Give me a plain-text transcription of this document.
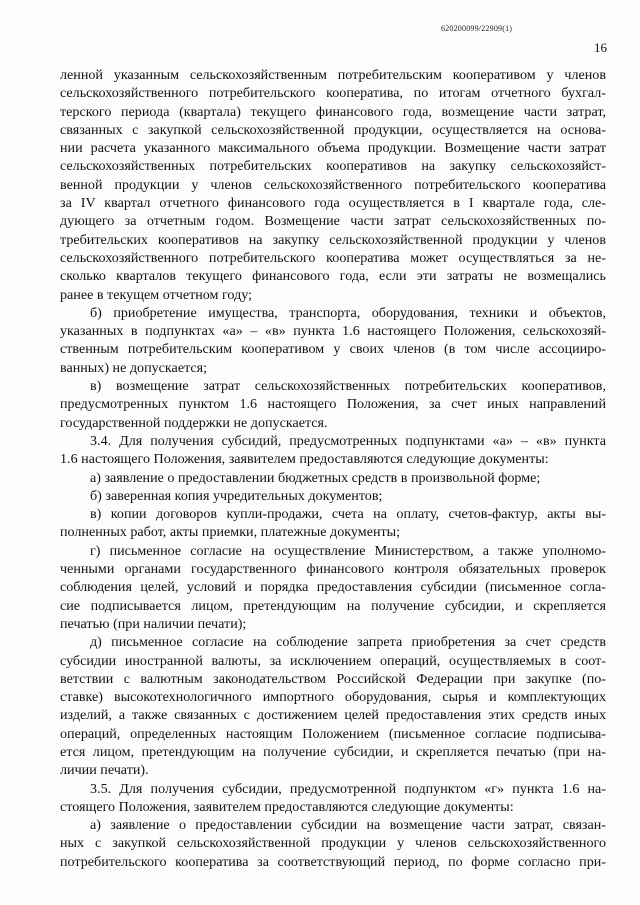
620200099/22909(1)
16
ленной указанным сельскохозяйственным потребительским кооперативом у членов
сельскохозяйственного потребительского кооператива, по итогам отчетного бухгал-
терского периода (квартала) текущего финансового года, возмещение части затрат,
связанных с закупкой сельскохозяйственной продукции, осуществляется на основа-
нии расчета указанного максимального объема продукции. Возмещение части затрат
сельскохозяйственных потребительских кооперативов на закупку сельскохозяйст-
венной продукции у членов сельскохозяйственного потребительского кооператива
за IV квартал отчетного финансового года осуществляется в I квартале года, сле-
дующего за отчетным годом. Возмещение части затрат сельскохозяйственных по-
требительских кооперативов на закупку сельскохозяйственной продукции у членов
сельскохозяйственного потребительского кооператива может осуществляться за не-
сколько кварталов текущего финансового года, если эти затраты не возмещались
ранее в текущем отчетном году;
б) приобретение имущества, транспорта, оборудования, техники и объектов,
указанных в подпунктах «а» – «в» пункта 1.6 настоящего Положения, сельскохозяй-
ственным потребительским кооперативом у своих членов (в том числе ассоцииро-
ванных) не допускается;
в) возмещение затрат сельскохозяйственных потребительских кооперативов,
предусмотренных пунктом 1.6 настоящего Положения, за счет иных направлений
государственной поддержки не допускается.
3.4. Для получения субсидий, предусмотренных подпунктами «а» – «в» пункта
1.6 настоящего Положения, заявителем предоставляются следующие документы:
а) заявление о предоставлении бюджетных средств в произвольной форме;
б) заверенная копия учредительных документов;
в) копии договоров купли-продажи, счета на оплату, счетов-фактур, акты вы-
полненных работ, акты приемки, платежные документы;
г) письменное согласие на осуществление Министерством, а также уполномо-
ченными органами государственного финансового контроля обязательных проверок
соблюдения целей, условий и порядка предоставления субсидии (письменное согла-
сие подписывается лицом, претендующим на получение субсидии, и скрепляется
печатью (при наличии печати);
д) письменное согласие на соблюдение запрета приобретения за счет средств
субсидии иностранной валюты, за исключением операций, осуществляемых в соот-
ветствии с валютным законодательством Российской Федерации при закупке (по-
ставке) высокотехнологичного импортного оборудования, сырья и комплектующих
изделий, а также связанных с достижением целей предоставления этих средств иных
операций, определенных настоящим Положением (письменное согласие подписыва-
ется лицом, претендующим на получение субсидии, и скрепляется печатью (при на-
личии печати).
3.5. Для получения субсидии, предусмотренной подпунктом «г» пункта 1.6 на-
стоящего Положения, заявителем предоставляются следующие документы:
а) заявление о предоставлении субсидии на возмещение части затрат, связан-
ных с закупкой сельскохозяйственной продукции у членов сельскохозяйственного
потребительского кооператива за соответствующий период, по форме согласно при-
